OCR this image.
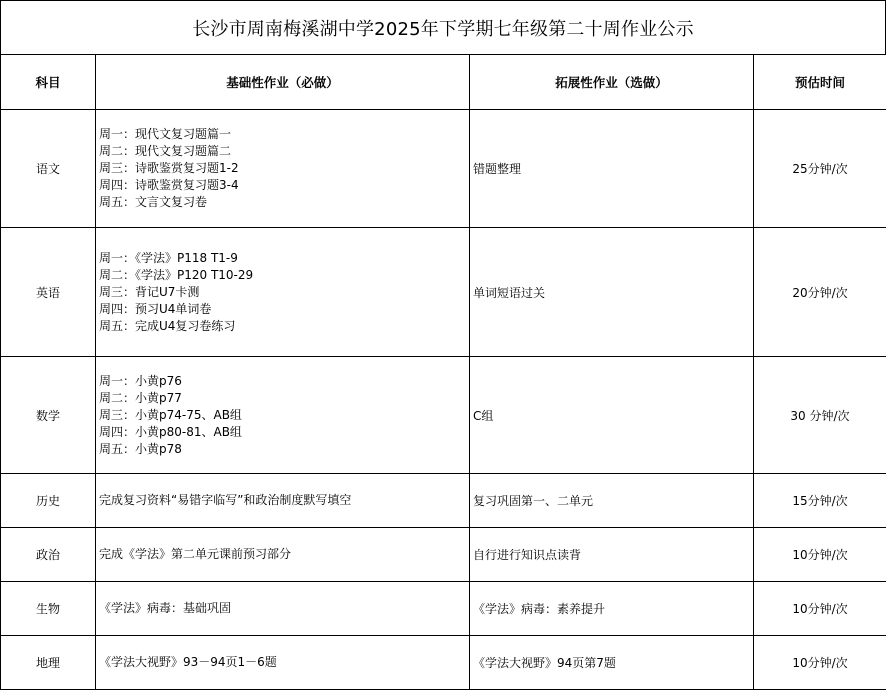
长沙市周南梅溪湖中学2025年下学期七年级第二十周作业公示
科目	基础性作业（必做）	拓展性作业（选做）	预估时间
语文	周一：现代文复习题篇一
周二：现代文复习题篇二
周三：诗歌鉴赏复习题1-2
周四：诗歌鉴赏复习题3-4
周五：文言文复习卷	错题整理	25分钟/次
英语	周一：《学法》P118 T1-9
周二：《学法》P120 T10-29
周三：背记U7卡测
周四：预习U4单词卷
周五：完成U4复习卷练习	单词短语过关	20分钟/次
数学	周一：小黄p76
周二：小黄p77
周三：小黄p74-75、AB组
周四：小黄p80-81、AB组
周五：小黄p78	C组	30 分钟/次
历史	完成复习资料“易错字临写”和政治制度默写填空	复习巩固第一、二单元	15分钟/次
政治	完成《学法》第二单元课前预习部分	自行进行知识点读背	10分钟/次
生物	《学法》病毒：基础巩固	《学法》病毒：素养提升	10分钟/次
地理	《学法大视野》93－94页1－6题	《学法大视野》94页第7题	10分钟/次
